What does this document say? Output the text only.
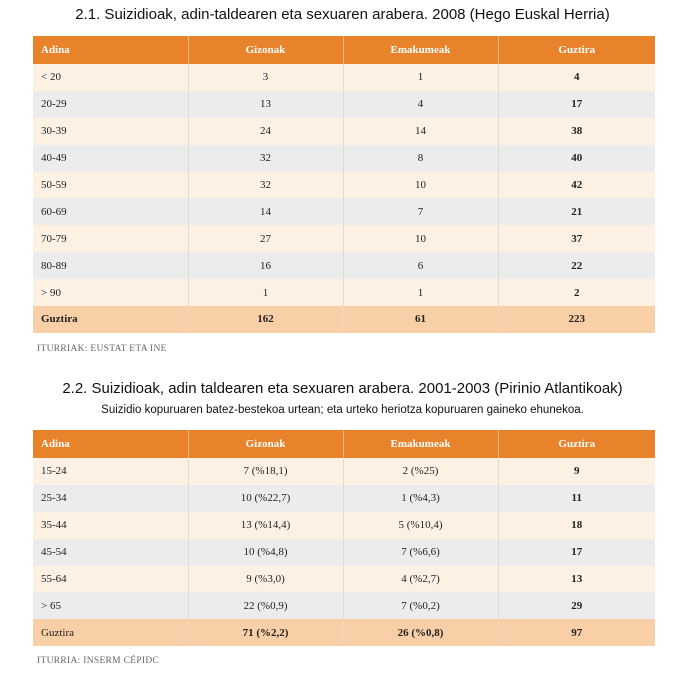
2.1. Suizidioak, adin-taldearen eta sexuaren arabera. 2008 (Hego Euskal Herria)
Adina	Gizonak	Emakumeak	Guztira
< 20	3	1	4
20-29	13	4	17
30-39	24	14	38
40-49	32	8	40
50-59	32	10	42
60-69	14	7	21
70-79	27	10	37
80-89	16	6	22
> 90	1	1	2
Guztira	162	61	223
ITURRIAK: EUSTAT ETA INE
2.2. Suizidioak, adin taldearen eta sexuaren arabera. 2001-2003 (Pirinio Atlantikoak)
Suizidio kopuruaren batez-bestekoa urtean; eta urteko heriotza kopuruaren gaineko ehunekoa.
Adina	Gizonak	Emakumeak	Guztira
15-24	7 (%18,1)	2 (%25)	9
25-34	10 (%22,7)	1 (%4,3)	11
35-44	13 (%14,4)	5 (%10,4)	18
45-54	10 (%4,8)	7 (%6,6)	17
55-64	9 (%3,0)	4 (%2,7)	13
> 65	22 (%0,9)	7 (%0,2)	29
Guztira	71 (%2,2)	26 (%0,8)	97
ITURRIA: INSERM CÉPIDC
